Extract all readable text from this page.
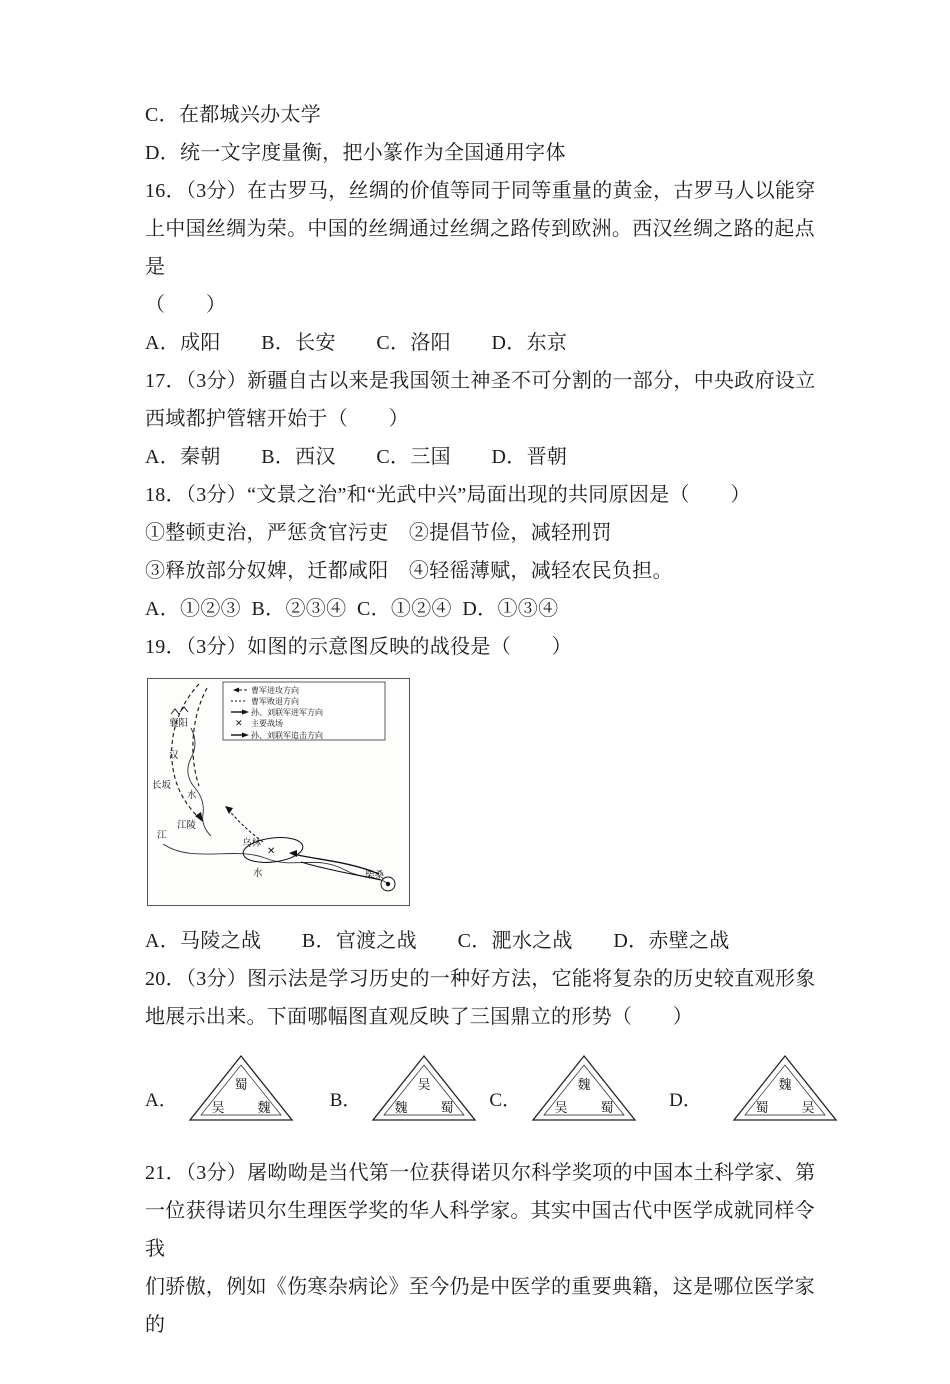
C．在都城兴办太学
D．统一文字度量衡，把小篆作为全国通用字体
16．（3分）在古罗马，丝绸的价值等同于同等重量的黄金，古罗马人以能穿
上中国丝绸为荣。中国的丝绸通过丝绸之路传到欧洲。西汉丝绸之路的起点是
（　　）
A．成阳　　B．长安　　C．洛阳　　D．东京
17．（3分）新疆自古以来是我国领土神圣不可分割的一部分，中央政府设立
西域都护管辖开始于（　　）
A．秦朝　　B．西汉　　C．三国　　D．晋朝
18．（3分）“文景之治”和“光武中兴”局面出现的共同原因是（　　）
①整顿吏治，严惩贪官污吏　②提倡节俭，减轻刑罚
③释放部分奴婢，迁都咸阳　④轻徭薄赋，减轻农民负担。
A．①②③  B．②③④  C．①②④  D．①③④
19．（3分）如图的示意图反映的战役是（　　）
曹军进攻方向
曹军败退方向
孙、刘联军进军方向
✕ 主要战场
孙、刘联军追击方向
✕
襄阳
汉
长坂
水
江陵
江
乌林
水	柴桑
A．马陵之战　　B．官渡之战　　C．淝水之战　　D．赤壁之战
20．（3分）图示法是学习历史的一种好方法，它能将复杂的历史较直观形象
地展示出来。下面哪幅图直观反映了三国鼎立的形势（　　）
A．
蜀
吴	魏	B．
吴
魏	蜀 C．
魏
吴	蜀	D．
魏
蜀	吴
21．（3分）屠呦呦是当代第一位获得诺贝尔科学奖项的中国本土科学家、第
一位获得诺贝尔生理医学奖的华人科学家。其实中国古代中医学成就同样令我
们骄傲，例如《伤寒杂病论》至今仍是中医学的重要典籍，这是哪位医学家的
